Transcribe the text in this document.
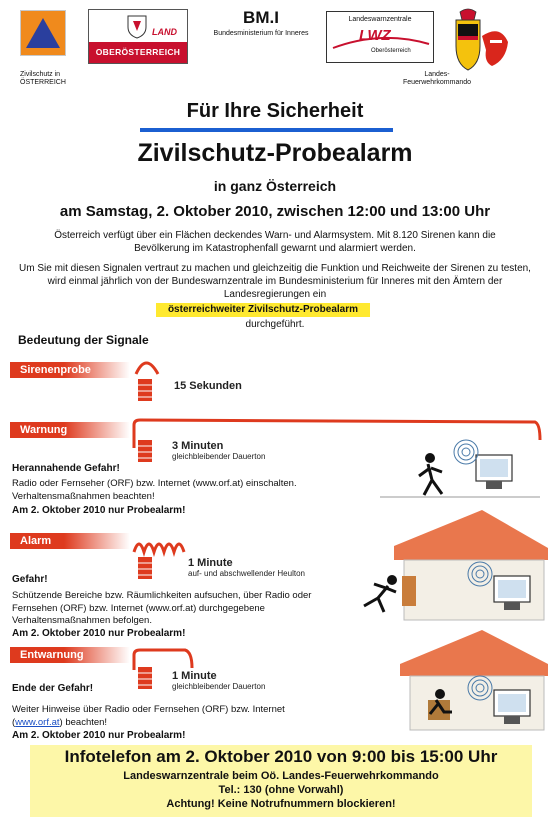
Zivilschutz in
ÖSTERREICH
LAND
OBERÖSTERREICH
BM.I
Bundesministerium für Inneres
Landeswarnzentrale
LWZ
Oberösterreich
Landes-
Feuerwehrkommando
Für Ihre Sicherheit
Zivilschutz-Probealarm
in ganz Österreich
am Samstag, 2. Oktober 2010, zwischen 12:00 und 13:00 Uhr
Österreich verfügt über ein Flächen deckendes Warn- und Alarmsystem. Mit 8.120 Sirenen kann die Bevölkerung im Katastrophenfall gewarnt und alarmiert werden.
Um Sie mit diesen Signalen vertraut zu machen und gleichzeitig die Funktion und Reichweite der Sirenen zu testen, wird einmal jährlich von der Bundeswarnzentrale im Bundesministerium für Inneres mit den Ämtern der Landesregierungen ein
österreichweiter Zivilschutz-Probealarm
durchgeführt.
Bedeutung der Signale
Sirenenprobe
15 Sekunden
Warnung
3 Minuten
gleichbleibender Dauerton
Herannahende Gefahr!
Radio oder Fernseher (ORF) bzw. Internet (www.orf.at) einschalten. Verhaltensmaßnahmen beachten!
Am 2. Oktober 2010 nur Probealarm!
Alarm
1 Minute
auf- und abschwellender Heulton
Gefahr!
Schützende Bereiche bzw. Räumlichkeiten aufsuchen, über Radio oder Fernsehen (ORF) bzw. Internet (www.orf.at) durchgegebene Verhaltensmaßnahmen befolgen.
Am 2. Oktober 2010 nur Probealarm!
Entwarnung
1 Minute
gleichbleibender Dauerton
Ende der Gefahr!
Weiter Hinweise über Radio oder Fernsehen (ORF) bzw. Internet (www.orf.at) beachten!
Am 2. Oktober 2010 nur Probealarm!
Infotelefon am 2. Oktober 2010 von 9:00 bis 15:00 Uhr
Landeswarnzentrale beim Oö. Landes-Feuerwehrkommando
Tel.: 130 (ohne Vorwahl)
Achtung! Keine Notrufnummern blockieren!
